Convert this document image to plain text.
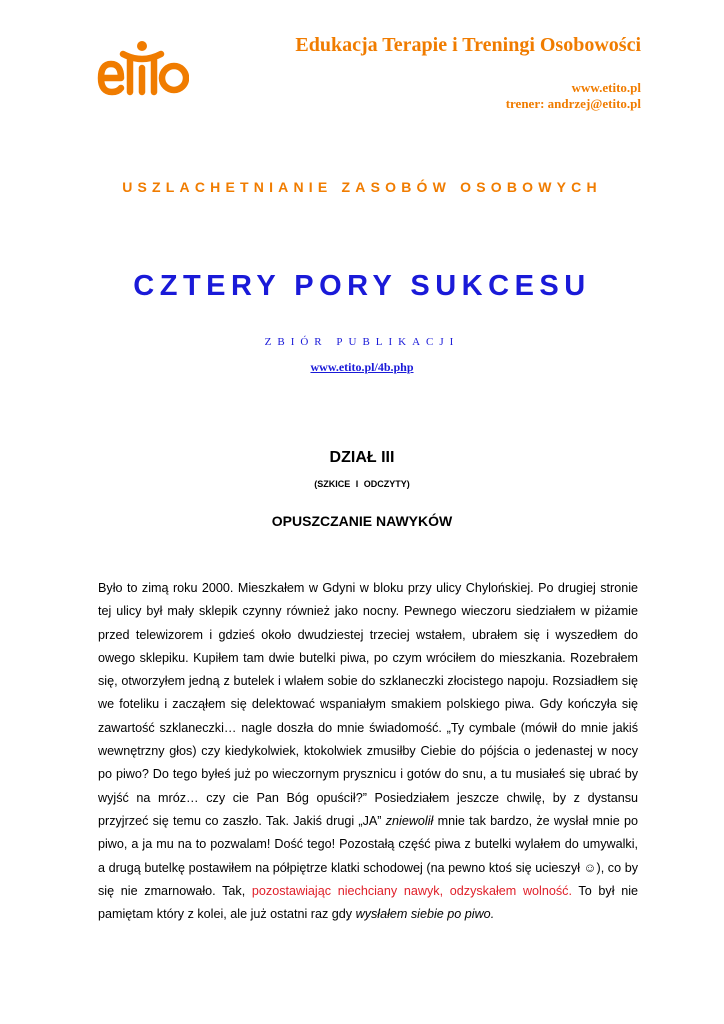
Edukacja Terapie i Treningi Osobowości
www.etito.pl
trener: andrzej@etito.pl
USZLACHETNIANIE ZASOBÓW OSOBOWYCH
CZTERY PORY SUKCESU
ZBIÓR PUBLIKACJI
www.etito.pl/4b.php
DZIAŁ III
(SZKICE I ODCZYTY)
OPUSZCZANIE NAWYKÓW
Było to zimą roku 2000. Mieszkałem w Gdyni w bloku przy ulicy Chylońskiej. Po drugiej stronie tej ulicy był mały sklepik czynny również jako nocny. Pewnego wieczoru siedziałem w piżamie przed telewizorem i gdzieś około dwudziestej trzeciej wstałem, ubrałem się i wyszedłem do owego sklepiku. Kupiłem tam dwie butelki piwa, po czym wróciłem do mieszkania. Rozebrałem się, otworzyłem jedną z butelek i wlałem sobie do szklaneczki złocistego napoju. Rozsiadłem się we foteliku i zacząłem się delektować wspaniałym smakiem polskiego piwa. Gdy kończyła się zawartość szklaneczki… nagle doszła do mnie świadomość. „Ty cymbale (mówił do mnie jakiś wewnętrzny głos) czy kiedykolwiek, ktokolwiek zmusiłby Ciebie do pójścia o jedenastej w nocy po piwo? Do tego byłeś już po wieczornym prysznicu i gotów do snu, a tu musiałeś się ubrać by wyjść na mróz… czy cie Pan Bóg opuścił?” Posiedziałem jeszcze chwilę, by z dystansu przyjrzeć się temu co zaszło. Tak. Jakiś drugi „JA” zniewolił mnie tak bardzo, że wysłał mnie po piwo, a ja mu na to pozwalam! Dość tego! Pozostałą część piwa z butelki wylałem do umywalki, a drugą butelkę postawiłem na półpiętrze klatki schodowej (na pewno ktoś się ucieszył ☺), co by się nie zmarnowało. Tak, pozostawiając niechciany nawyk, odzyskałem wolność. To był nie pamiętam który z kolei, ale już ostatni raz gdy wysłałem siebie po piwo.
